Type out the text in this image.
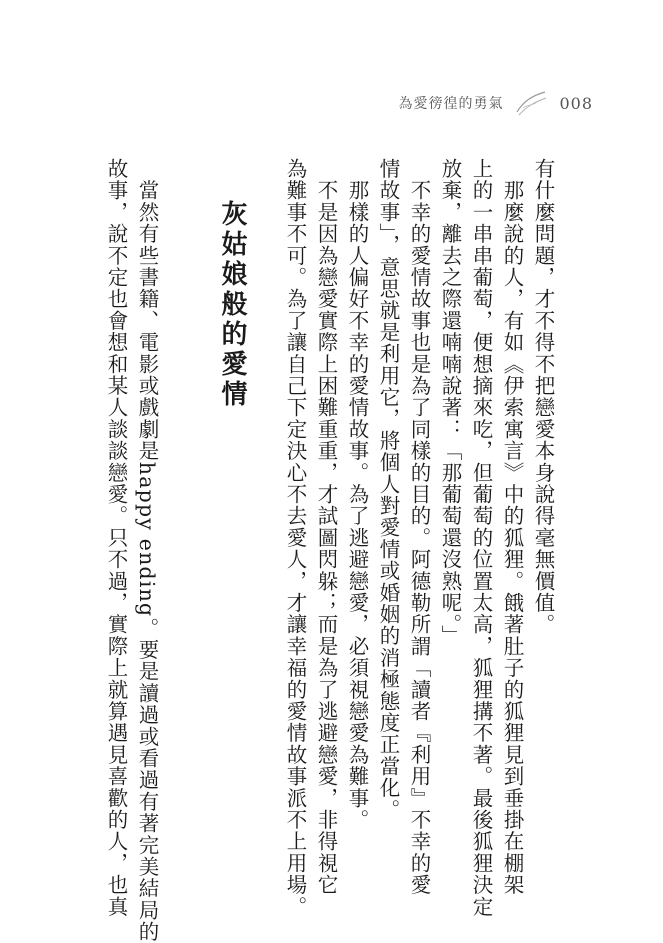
為愛徬徨的勇氣	008
有什麼問題，才不得不把戀愛本身說得毫無價值。
　那麼說的人，有如《伊索寓言》中的狐狸。餓著肚子的狐狸見到垂掛在棚架
上的一串串葡萄，便想摘來吃，但葡萄的位置太高，狐狸搆不著。最後狐狸決定
放棄，離去之際還喃喃說著：「那葡萄還沒熟呢。」
　不幸的愛情故事也是為了同樣的目的。阿德勒所謂「讀者『利用』不幸的愛
情故事」，意思就是利用它，將個人對愛情或婚姻的消極態度正當化。
　那樣的人偏好不幸的愛情故事。為了逃避戀愛，必須視戀愛為難事。
　不是因為戀愛實際上困難重重，才試圖閃躲；而是為了逃避戀愛，非得視它
為難事不可。為了讓自己下定決心不去愛人，才讓幸福的愛情故事派不上用場。
灰姑娘般的愛情
　當然有些書籍、電影或戲劇是happy ending。要是讀過或看過有著完美結局的
故事，說不定也會想和某人談談戀愛。只不過，實際上就算遇見喜歡的人，也真
